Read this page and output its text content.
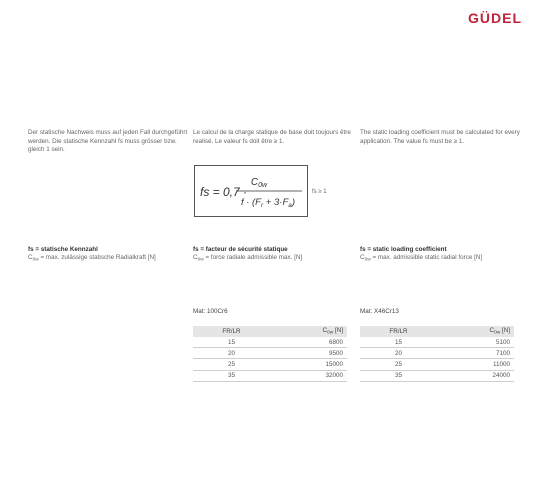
GÜDEL
Der statische Nachweis muss auf jeden Fall durchgeführt werden. Die statische Kennzahl fs muss grösser bzw. gleich 1 sein.
Le calcul de la charge statique de base doit toujours être realisé. Le valeur fs doit être ≥ 1.
The static loading coefficient must be calculated for every application. The value fs must be ≥ 1.
fs = 0,7 ·
$C_{0w}$
$f \cdot (F_r + 3\cdot F_a)$
fs ≥ 1
fs = statische Kennzahl
$C_{0w} = \max$. zulässige statische Radialkraft [N]
fs = facteur de sécurité statique
$C_{0w}$ = force radiale admissible max. [N]
fs = static loading coefficient
$C_{0w} = \max$. admissible static radial force [N]
Mat: 100Cr6	Mat: X46Cr13
FR/LR	$C_{0w}$ [N]
15	6800
20	9500
25	15000
35	32000
FR/LR	$C_{0w}$ [N]
15	5100
20	7100
25	11000
35	24000
